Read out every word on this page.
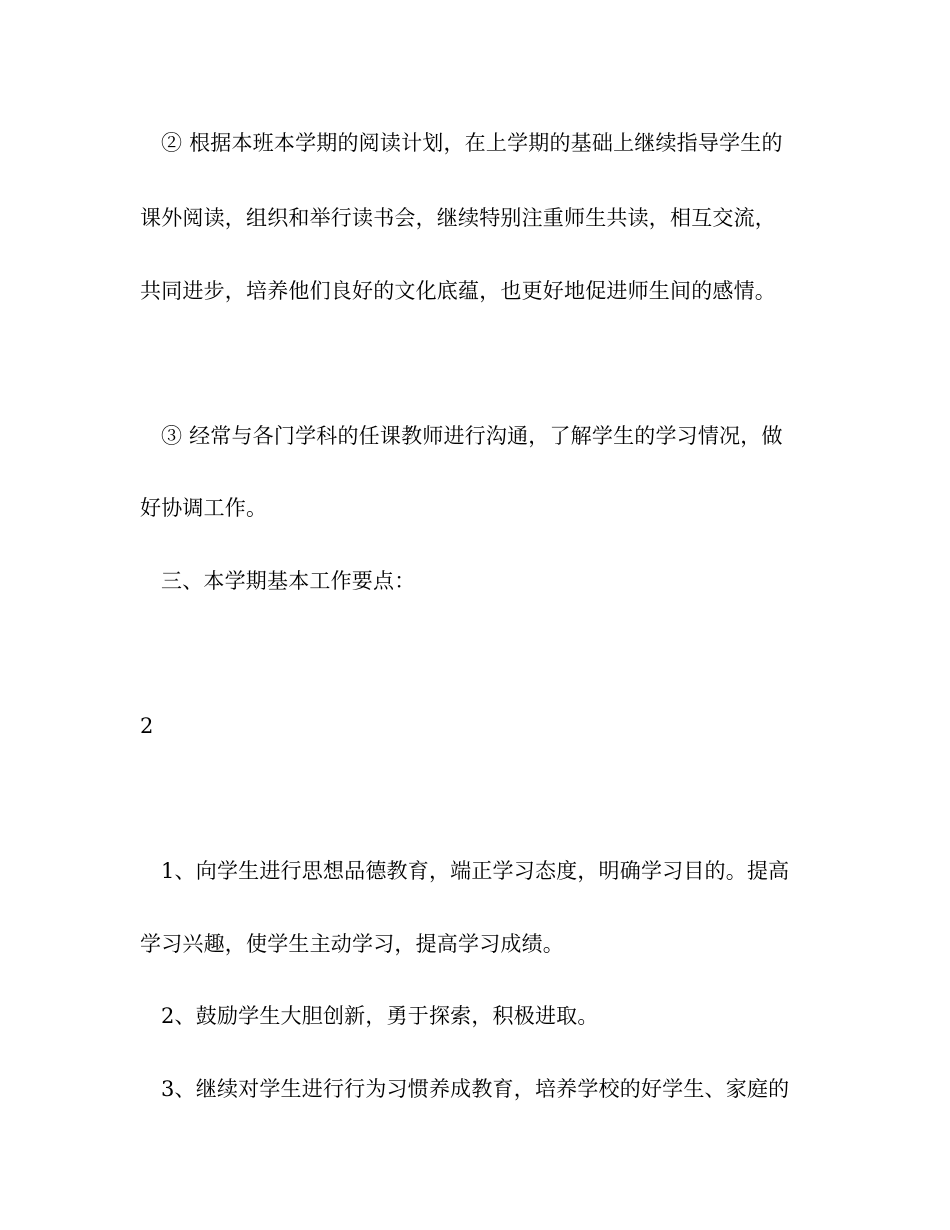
② 根据本班本学期的阅读计划，在上学期的基础上继续指导学生的
课外阅读，组织和举行读书会，继续特别注重师生共读，相互交流，
共同进步，培养他们良好的文化底蕴，也更好地促进师生间的感情。
③ 经常与各门学科的任课教师进行沟通，了解学生的学习情况，做
好协调工作。
三、本学期基本工作要点：
2
1、向学生进行思想品德教育，端正学习态度，明确学习目的。提高
学习兴趣，使学生主动学习，提高学习成绩。
2、鼓励学生大胆创新，勇于探索，积极进取。
3、继续对学生进行行为习惯养成教育，培养学校的好学生、家庭的
